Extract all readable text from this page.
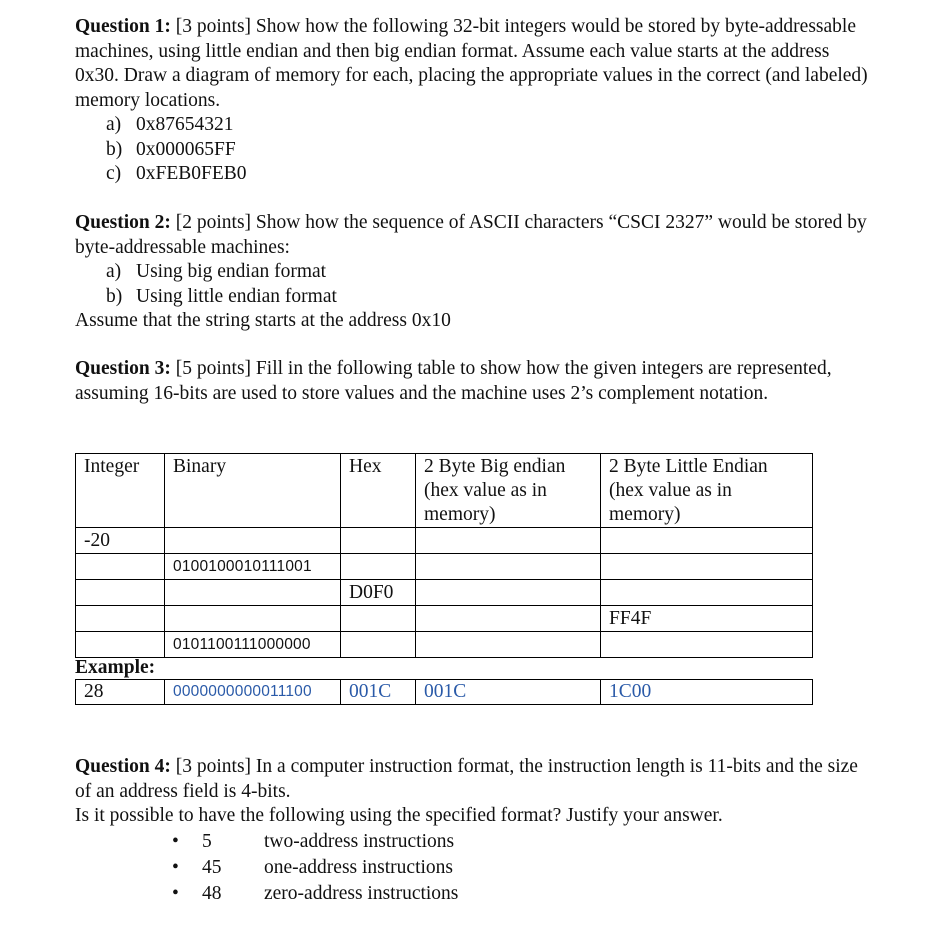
Question 1: [3 points] Show how the following 32-bit integers would be stored by byte-addressable machines, using little endian and then big endian format. Assume each value starts at the address 0x30. Draw a diagram of memory for each, placing the appropriate values in the correct (and labeled) memory locations.

a) 0x87654321
b) 0x000065FF
c) 0xFEB0FEB0

Question 2: [2 points] Show how the sequence of ASCII characters “CSCI 2327” would be stored by byte-addressable machines:

a) Using big endian format
b) Using little endian format

Assume that the string starts at the address 0x10

Question 3: [5 points] Fill in the following table to show how the given integers are represented, assuming 16-bits are used to store values and the machine uses 2’s complement notation.

Integer	Binary	Hex	2 Byte Big endian (hex value as in memory)	2 Byte Little Endian (hex value as in memory)
-20				
	0100100010111001			
		D0F0		
				FF4F
	0101100111000000			
Example:
28	0000000000011100	001C	001C	1C00

Question 4: [3 points] In a computer instruction format, the instruction length is 11-bits and the size of an address field is 4-bits.

Is it possible to have the following using the specified format? Justify your answer.

•	5	two-address instructions
•	45	one-address instructions
•	48	zero-address instructions
